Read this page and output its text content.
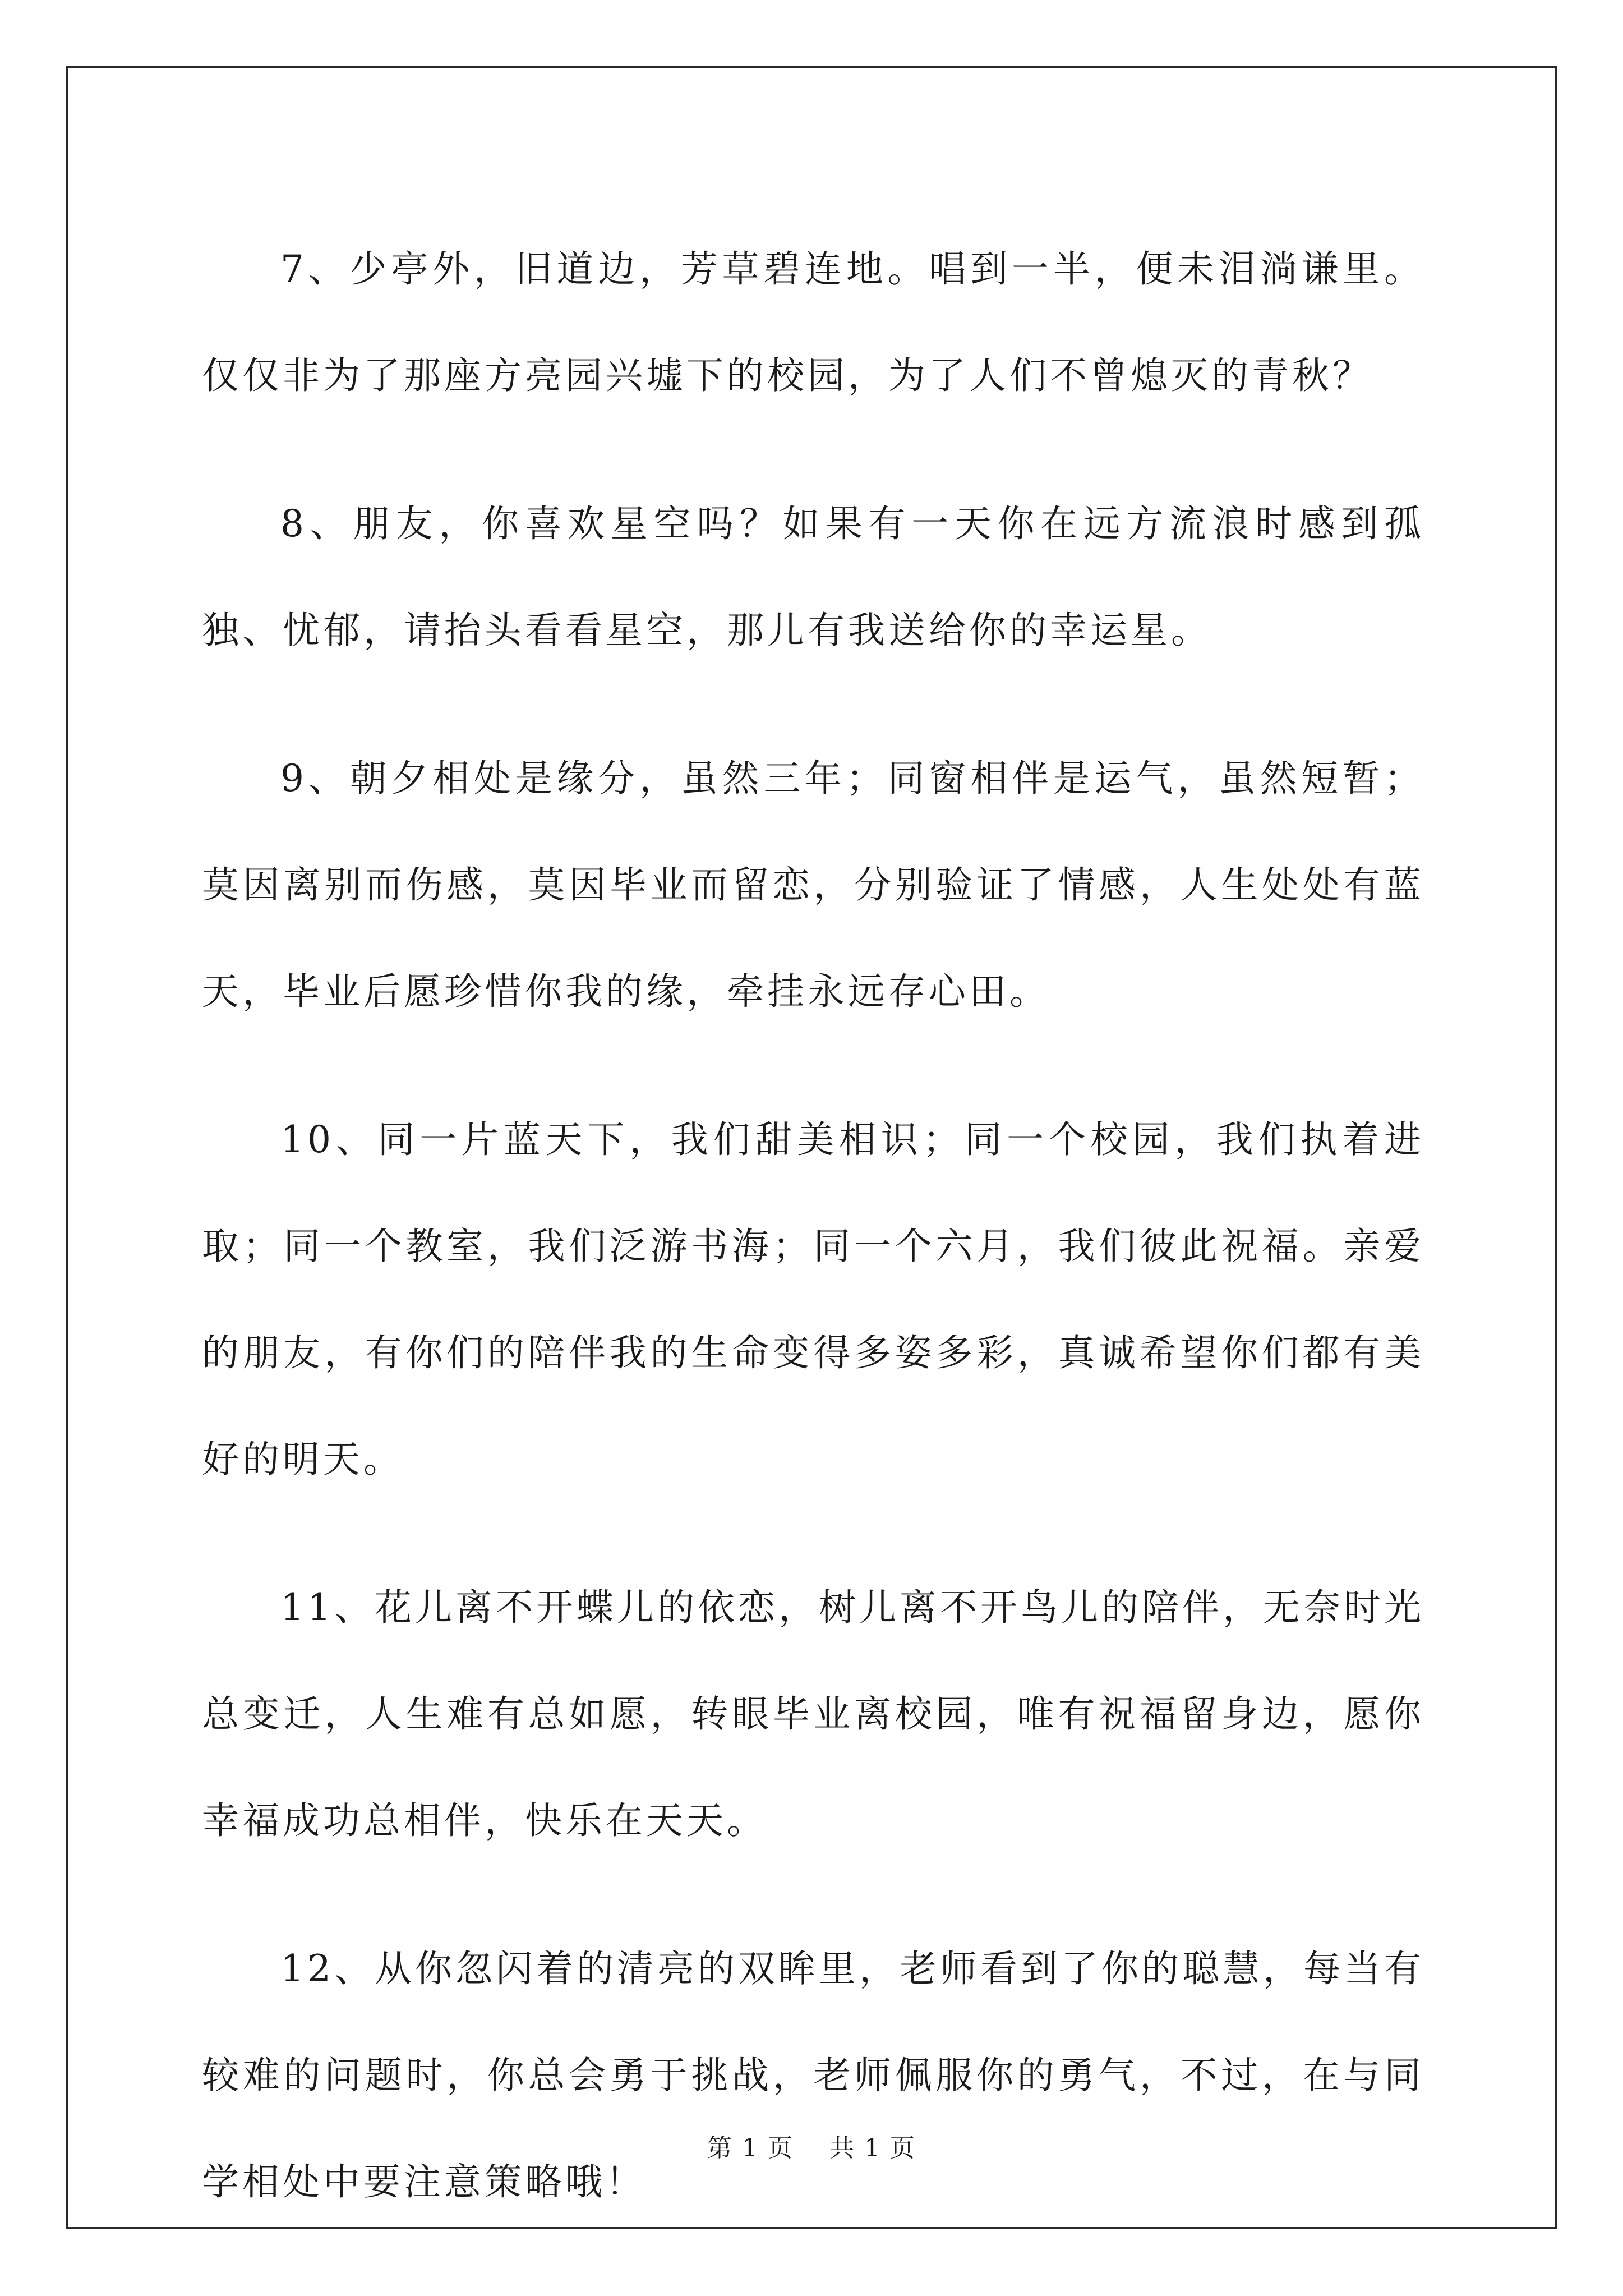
7、少亭外，旧道边，芳草碧连地。唱到一半，便未泪淌谦里。仅仅非为了那座方亮园兴墟下的校园，为了人们不曾熄灭的青秋？

8、朋友，你喜欢星空吗？如果有一天你在远方流浪时感到孤独、忧郁，请抬头看看星空，那儿有我送给你的幸运星。

9、朝夕相处是缘分，虽然三年；同窗相伴是运气，虽然短暂；莫因离别而伤感，莫因毕业而留恋，分别验证了情感，人生处处有蓝天，毕业后愿珍惜你我的缘，牵挂永远存心田。

10、同一片蓝天下，我们甜美相识；同一个校园，我们执着进取；同一个教室，我们泛游书海；同一个六月，我们彼此祝福。亲爱的朋友，有你们的陪伴我的生命变得多姿多彩，真诚希望你们都有美好的明天。

11、花儿离不开蝶儿的依恋，树儿离不开鸟儿的陪伴，无奈时光总变迁，人生难有总如愿，转眼毕业离校园，唯有祝福留身边，愿你幸福成功总相伴，快乐在天天。

12、从你忽闪着的清亮的双眸里，老师看到了你的聪慧，每当有较难的问题时，你总会勇于挑战，老师佩服你的勇气，不过，在与同学相处中要注意策略哦！

第 1 页 共 1 页
